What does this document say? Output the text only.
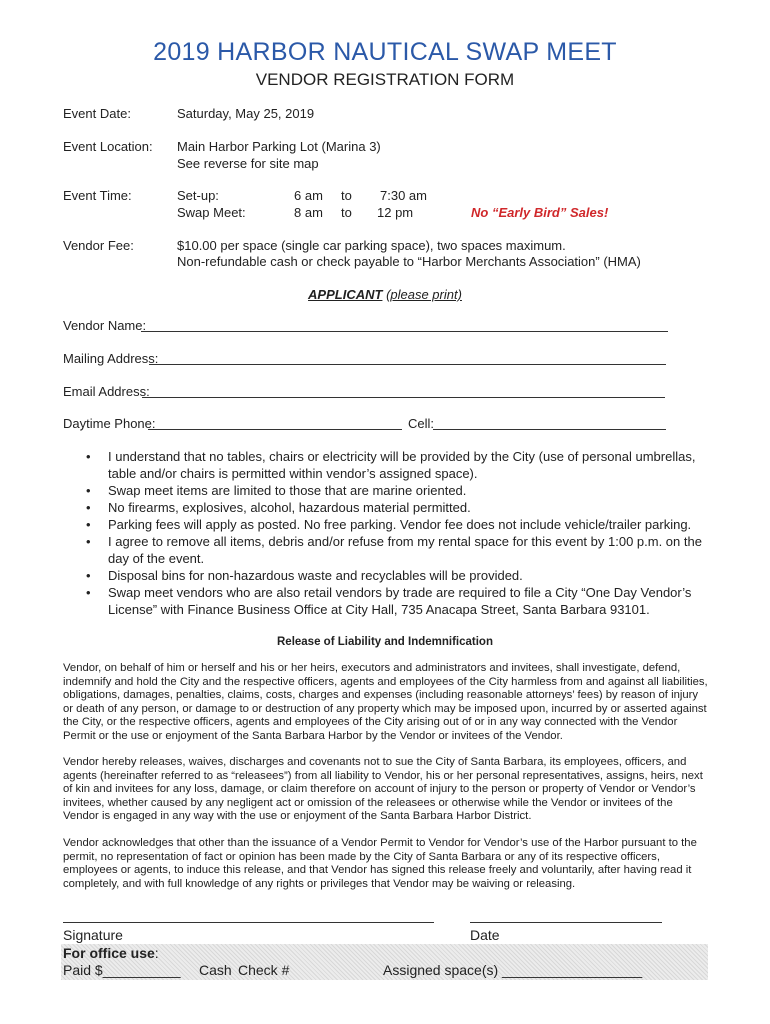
2019 HARBOR NAUTICAL SWAP MEET
VENDOR REGISTRATION FORM
Event Date:	Saturday, May 25, 2019
Event Location: Main Harbor Parking Lot (Marina 3)
See reverse for site map
Event Time:	Set-up:	6 am to 7:30 am
Swap Meet:	8 am to 12 pm	No “Early Bird” Sales!
Vendor Fee:	$10.00 per space (single car parking space), two spaces maximum.
Non-refundable cash or check payable to “Harbor Merchants Association” (HMA)
APPLICANT (please print)
Vendor Name:
Mailing Address:
Email Address:
Daytime Phone:	Cell:
• I understand that no tables, chairs or electricity will be provided by the City (use of personal umbrellas, table and/or chairs is permitted within vendor’s assigned space).
• Swap meet items are limited to those that are marine oriented.
• No firearms, explosives, alcohol, hazardous material permitted.
• Parking fees will apply as posted. No free parking. Vendor fee does not include vehicle/trailer parking.
• I agree to remove all items, debris and/or refuse from my rental space for this event by 1:00 p.m. on the day of the event.
• Disposal bins for non-hazardous waste and recyclables will be provided.
• Swap meet vendors who are also retail vendors by trade are required to file a City “One Day Vendor’s License” with Finance Business Office at City Hall, 735 Anacapa Street, Santa Barbara 93101.
Release of Liability and Indemnification
Vendor, on behalf of him or herself and his or her heirs, executors and administrators and invitees, shall investigate, defend, indemnify and hold the City and the respective officers, agents and employees of the City harmless from and against all liabilities, obligations, damages, penalties, claims, costs, charges and expenses (including reasonable attorneys’ fees) by reason of injury or death of any person, or damage to or destruction of any property which may be imposed upon, incurred by or asserted against the City, or the respective officers, agents and employees of the City arising out of or in any way connected with the Vendor Permit or the use or enjoyment of the Santa Barbara Harbor by the Vendor or invitees of the Vendor.
Vendor hereby releases, waives, discharges and covenants not to sue the City of Santa Barbara, its employees, officers, and agents (hereinafter referred to as “releasees”) from all liability to Vendor, his or her personal representatives, assigns, heirs, next of kin and invitees for any loss, damage, or claim therefore on account of injury to the person or property of Vendor or Vendor’s invitees, whether caused by any negligent act or omission of the releasees or otherwise while the Vendor or invitees of the Vendor is engaged in any way with the use or enjoyment of the Santa Barbara Harbor District.
Vendor acknowledges that other than the issuance of a Vendor Permit to Vendor for Vendor’s use of the Harbor pursuant to the permit, no representation of fact or opinion has been made by the City of Santa Barbara or any of its respective officers, employees or agents, to induce this release, and that Vendor has signed this release freely and voluntarily, after having read it completely, and with full knowledge of any rights or privileges that Vendor may be waiving or releasing.
Signature	Date
For office use:
Paid $__________ Cash Check #	Assigned space(s) __________________
